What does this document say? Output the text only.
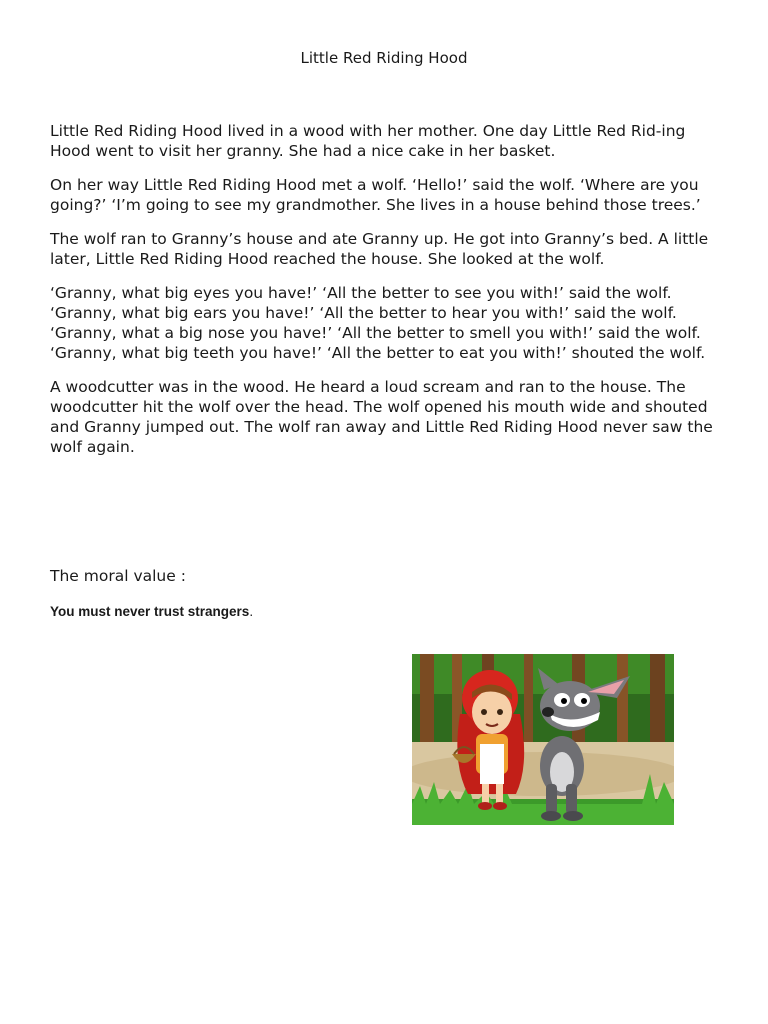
Little Red Riding Hood

Little Red Riding Hood lived in a wood with her mother. One day Little Red Rid-ing Hood went to visit her granny. She had a nice cake in her basket.

On her way Little Red Riding Hood met a wolf. ‘Hello!’ said the wolf. ‘Where are you going?’ ‘I’m going to see my grandmother. She lives in a house behind those trees.’

The wolf ran to Granny’s house and ate Granny up. He got into Granny’s bed. A little later, Little Red Riding Hood reached the house. She looked at the wolf.

‘Granny, what big eyes you have!’ ‘All the better to see you with!’ said the wolf. ‘Granny, what big ears you have!’ ‘All the better to hear you with!’ said the wolf. ‘Granny, what a big nose you have!’ ‘All the better to smell you with!’ said the wolf. ‘Granny, what big teeth you have!’ ‘All the better to eat you with!’ shouted the wolf.

A woodcutter was in the wood. He heard a loud scream and ran to the house. The woodcutter hit the wolf over the head. The wolf opened his mouth wide and shouted and Granny jumped out. The wolf ran away and Little Red Riding Hood never saw the wolf again.

The moral value :

You must never trust strangers.
